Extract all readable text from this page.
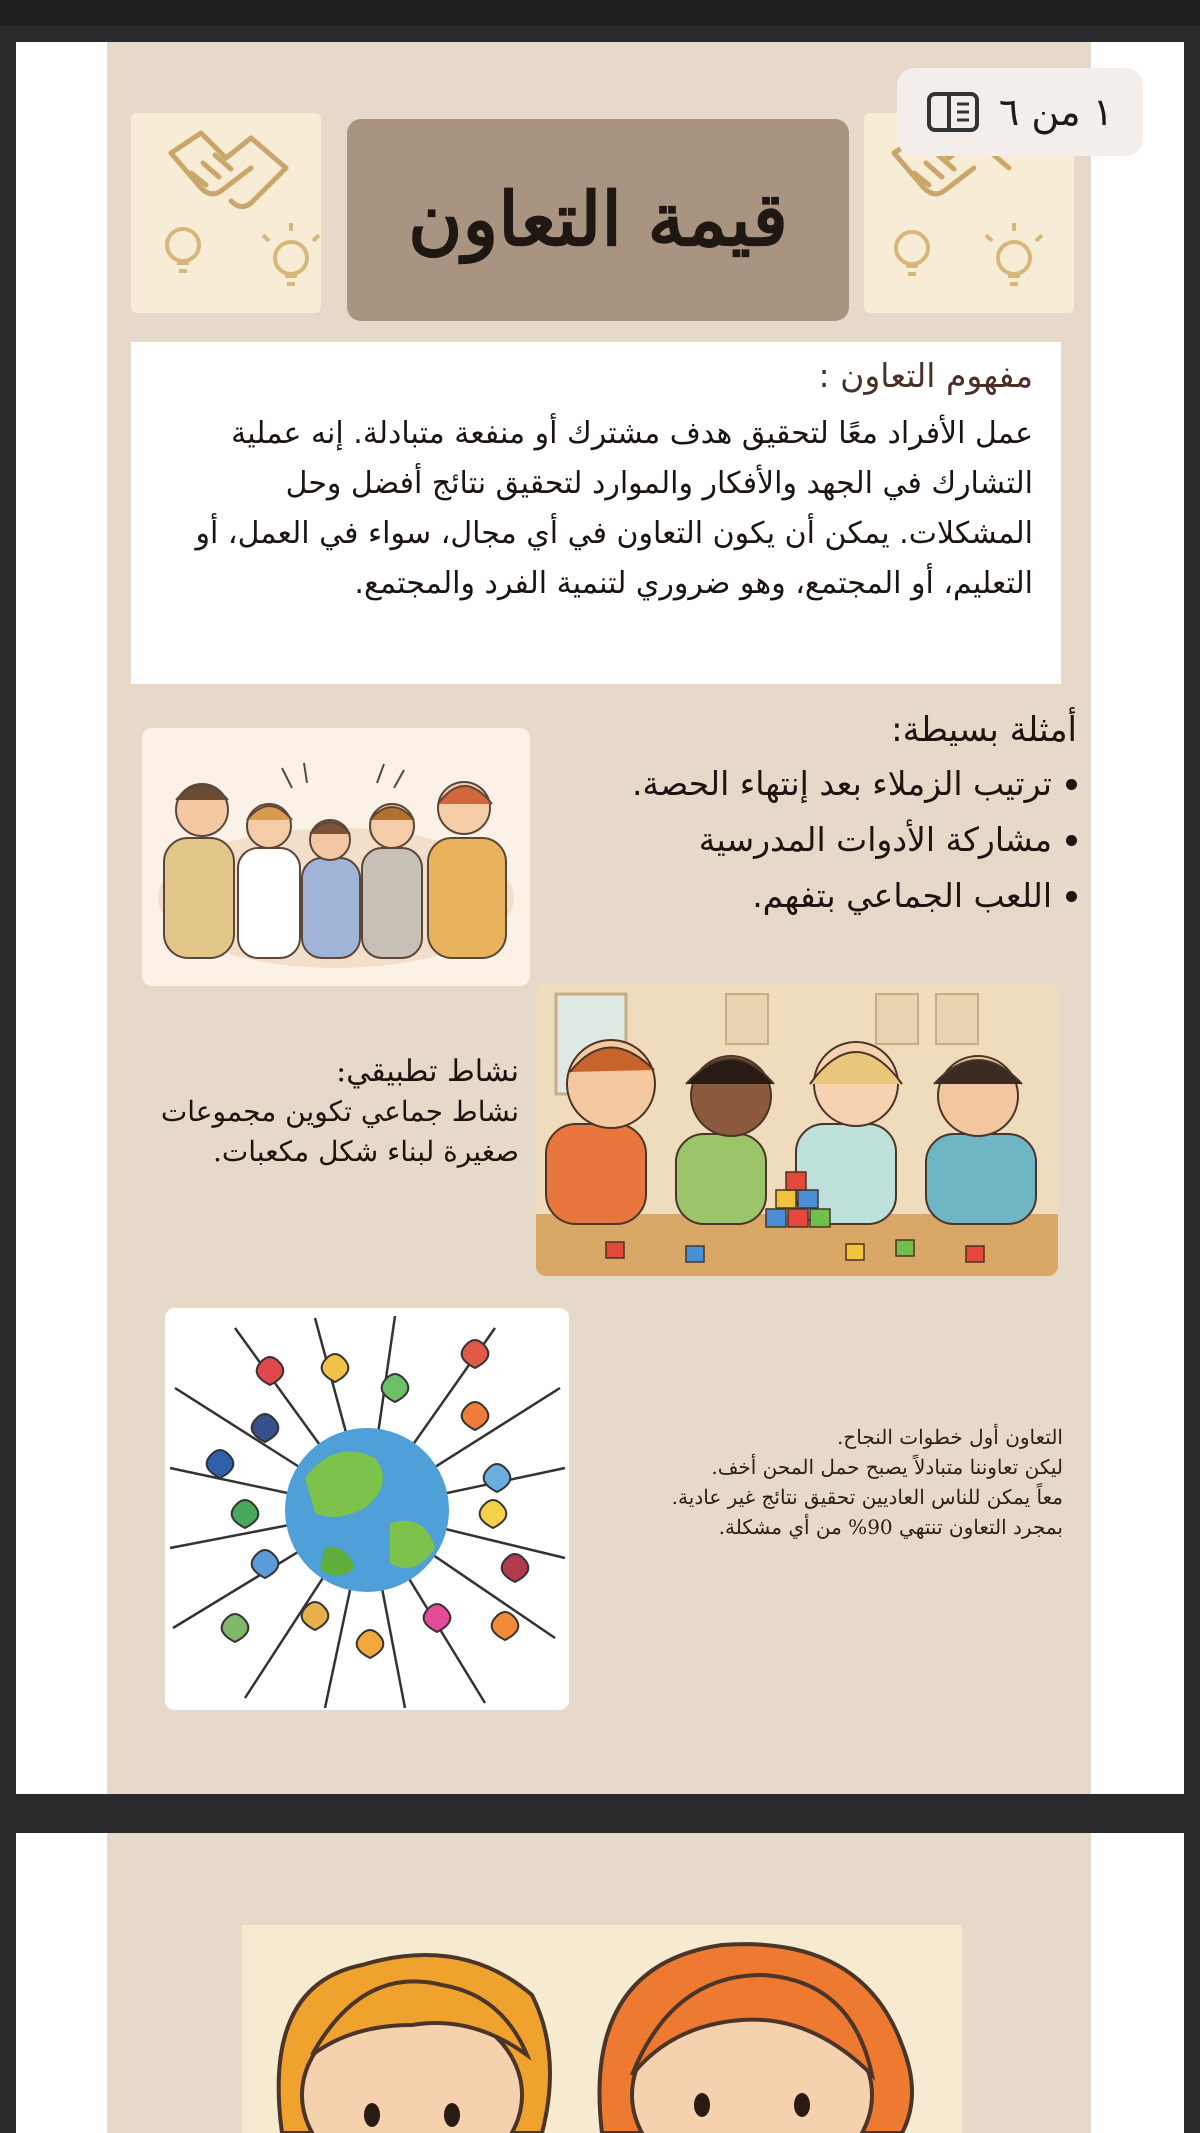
قيمة التعاون

مفهوم التعاون :

عمل الأفراد معًا لتحقيق هدف مشترك أو منفعة متبادلة. إنه عملية التشارك في الجهد والأفكار والموارد لتحقيق نتائج أفضل وحل المشكلات. يمكن أن يكون التعاون في أي مجال، سواء في العمل، أو التعليم، أو المجتمع، وهو ضروري لتنمية الفرد والمجتمع.

أمثلة بسيطة:

ترتيب الزملاء بعد إنتهاء الحصة.
مشاركة الأدوات المدرسية
اللعب الجماعي بتفهم.

نشاط تطبيقي:

نشاط جماعي تكوين مجموعات صغيرة لبناء شكل مكعبات.

التعاون أول خطوات النجاح.

ليكن تعاوننا متبادلاً يصبح حمل المحن أخف.

معاً يمكن للناس العاديين تحقيق نتائج غير عادية.

بمجرد التعاون تنتهي 90% من أي مشكلة.

١ من ٦
